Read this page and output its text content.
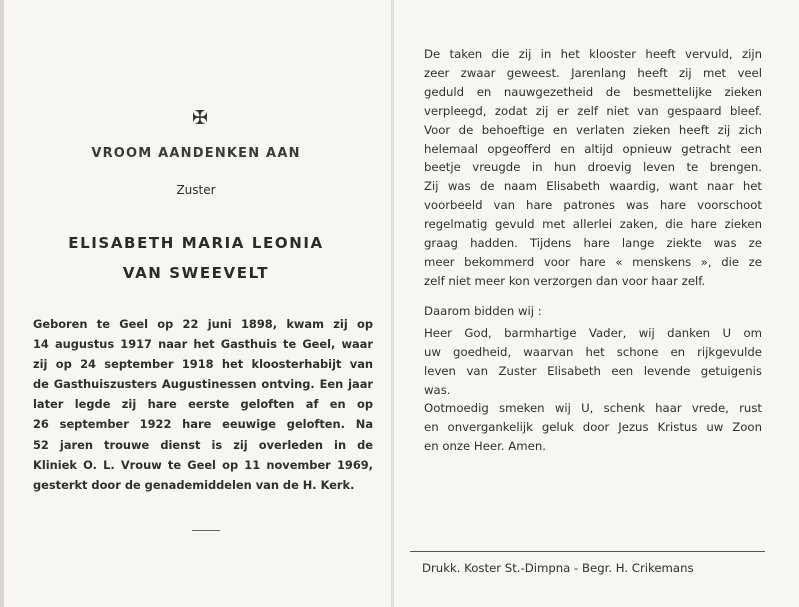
✠
VROOM AANDENKEN AAN
Zuster
ELISABETH MARIA LEONIA
VAN SWEEVELT

Geboren te Geel op 22 juni 1898, kwam zij op
14 augustus 1917 naar het Gasthuis te Geel, waar
zij op 24 september 1918 het kloosterhabijt van
de Gasthuiszusters Augustinessen ontving. Een jaar
later legde zij hare eerste geloften af en op
26 september 1922 hare eeuwige geloften. Na
52 jaren trouwe dienst is zij overleden in de
Kliniek O. L. Vrouw te Geel op 11 november 1969,
gesterkt door de genademiddelen van de H. Kerk.

De taken die zij in het klooster heeft vervuld, zijn
zeer zwaar geweest. Jarenlang heeft zij met veel
geduld en nauwgezetheid de besmettelijke zieken
verpleegd, zodat zij er zelf niet van gespaard bleef.
Voor de behoeftige en verlaten zieken heeft zij zich
helemaal opgeofferd en altijd opnieuw getracht een
beetje vreugde in hun droevig leven te brengen.
Zij was de naam Elisabeth waardig, want naar het
voorbeeld van hare patrones was hare voorschoot
regelmatig gevuld met allerlei zaken, die hare zieken
graag hadden. Tijdens hare lange ziekte was ze
meer bekommerd voor hare « menskens », die ze
zelf niet meer kon verzorgen dan voor haar zelf.

Daarom bidden wij :

Heer God, barmhartige Vader, wij danken U om
uw goedheid, waarvan het schone en rijkgevulde
leven van Zuster Elisabeth een levende getuigenis
was.

Ootmoedig smeken wij U, schenk haar vrede, rust
en onvergankelijk geluk door Jezus Kristus uw Zoon
en onze Heer. Amen.

Drukk. Koster St.-Dimpna - Begr. H. Crikemans
